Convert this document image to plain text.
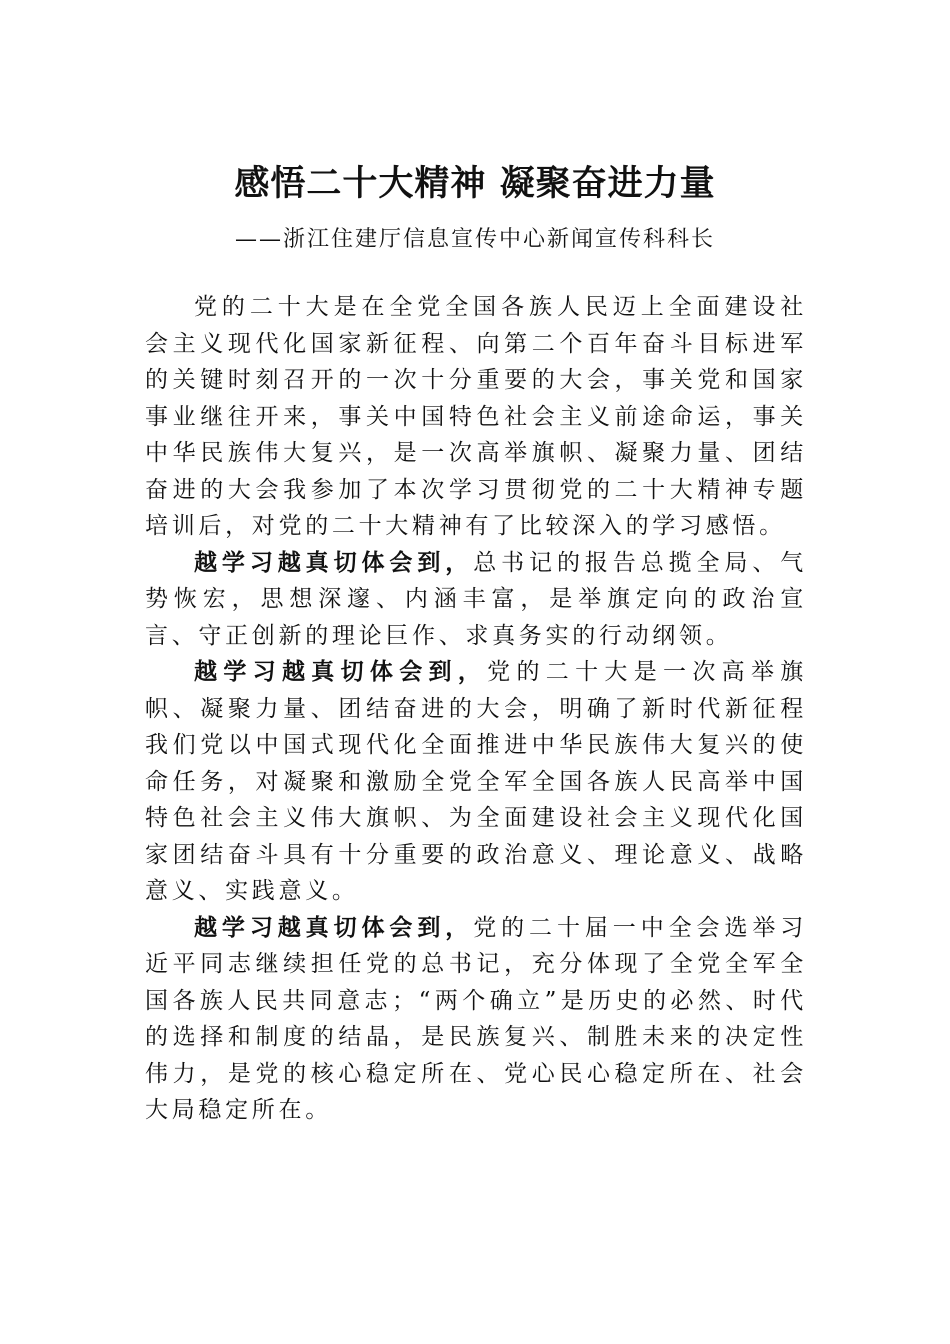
感悟二十大精神 凝聚奋进力量

——浙江住建厅信息宣传中心新闻宣传科科长

党的二十大是在全党全国各族人民迈上全面建设社会主义现代化国家新征程、向第二个百年奋斗目标进军的关键时刻召开的一次十分重要的大会，事关党和国家事业继往开来，事关中国特色社会主义前途命运，事关中华民族伟大复兴，是一次高举旗帜、凝聚力量、团结奋进的大会我参加了本次学习贯彻党的二十大精神专题培训后，对党的二十大精神有了比较深入的学习感悟。

越学习越真切体会到，总书记的报告总揽全局、气势恢宏，思想深邃、内涵丰富，是举旗定向的政治宣言、守正创新的理论巨作、求真务实的行动纲领。

越学习越真切体会到，党的二十大是一次高举旗帜、凝聚力量、团结奋进的大会，明确了新时代新征程我们党以中国式现代化全面推进中华民族伟大复兴的使命任务，对凝聚和激励全党全军全国各族人民高举中国特色社会主义伟大旗帜、为全面建设社会主义现代化国家团结奋斗具有十分重要的政治意义、理论意义、战略意义、实践意义。

越学习越真切体会到，党的二十届一中全会选举习近平同志继续担任党的总书记，充分体现了全党全军全国各族人民共同意志；“两个确立”是历史的必然、时代的选择和制度的结晶，是民族复兴、制胜未来的决定性伟力，是党的核心稳定所在、党心民心稳定所在、社会大局稳定所在。
